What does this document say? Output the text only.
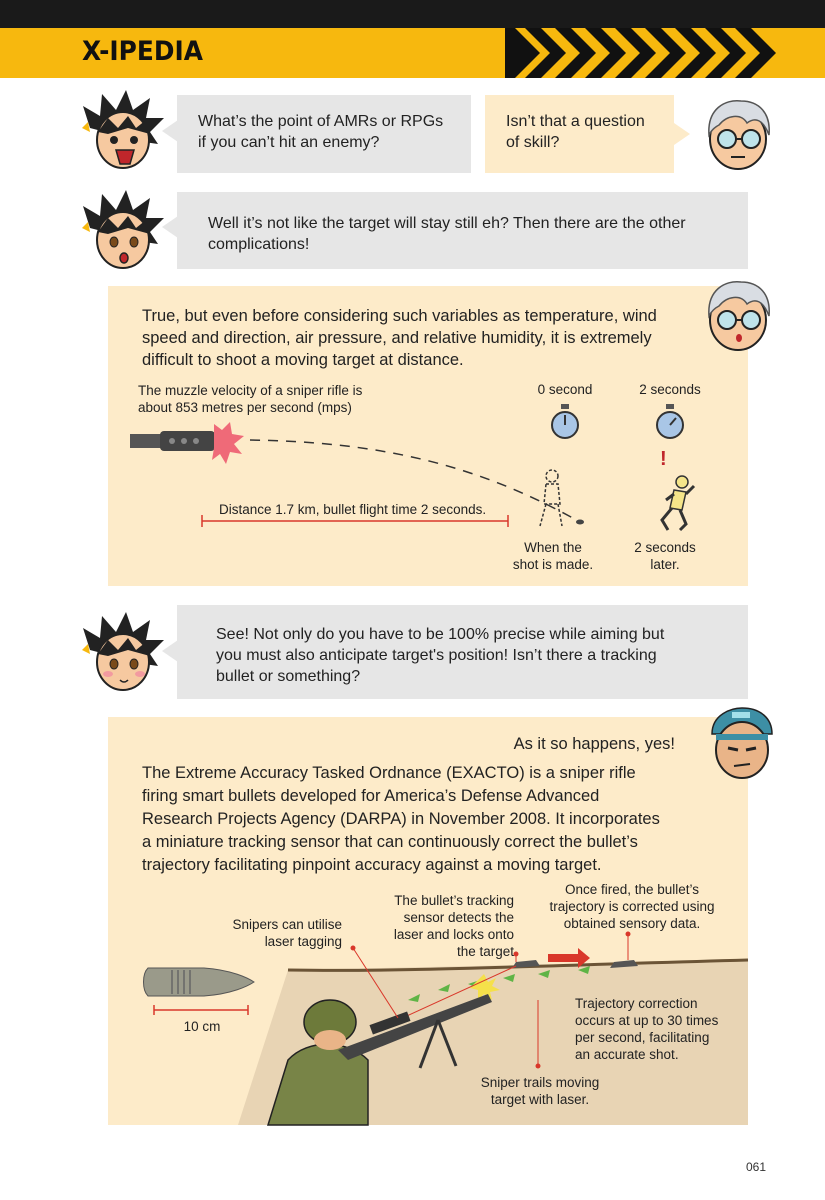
X-IPEDIA
What’s the point of AMRs or RPGs
if you can’t hit an enemy?
Isn’t that a question
of skill?
Well it’s not like the target will stay still eh? Then there are the other
complications!
True, but even before considering such variables as temperature, wind
speed and direction, air pressure, and relative humidity, it is extremely
difficult to shoot a moving target at distance.
The muzzle velocity of a sniper rifle is
about 853 metres per second (mps)
0 second	2 seconds
!
Distance 1.7 km, bullet flight time 2 seconds.
When the
shot is made.
2 seconds
later.
See! Not only do you have to be 100% precise while aiming but
you must also anticipate target's position! Isn’t there a tracking
bullet or something?
As it so happens, yes!
The Extreme Accuracy Tasked Ordnance (EXACTO) is a sniper rifle
firing smart bullets developed for America’s Defense Advanced
Research Projects Agency (DARPA) in November 2008. It incorporates
a miniature tracking sensor that can continuously correct the bullet’s
trajectory facilitating pinpoint accuracy against a moving target.
Snipers can utilise
laser tagging
The bullet’s tracking
sensor detects the
laser and locks onto
the target
Once fired, the bullet’s
trajectory is corrected using
obtained sensory data.
10 cm
Trajectory correction
occurs at up to 30 times
per second, facilitating
an accurate shot.
Sniper trails moving
target with laser.
061
